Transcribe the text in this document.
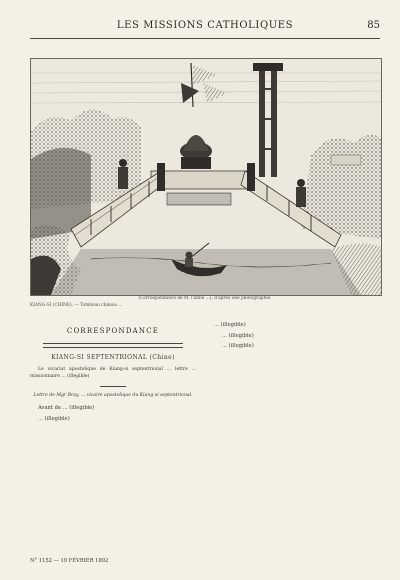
LES MISSIONS CATHOLIQUES	85
(Correspondance de M. l'abbé ...), d'après une photographie.
KIANG-SI (CHINE). — Tombeau chinois ...
CORRESPONDANCE
KIANG-SI SEPTENTRIONAL (Chine)

Le vicariat apostolique de Kiang-si septentrional ... lettre ... missionnaire ... (illegible)

Lettre de Mgr Bray, ... vicaire apostolique du Kiang-si septentrional.

Avant de ... (illegible)

... (illegible)

... (illegible)

... (illegible)

... (illegible)

N° 1152 — 19 FÉVRIER 1892
